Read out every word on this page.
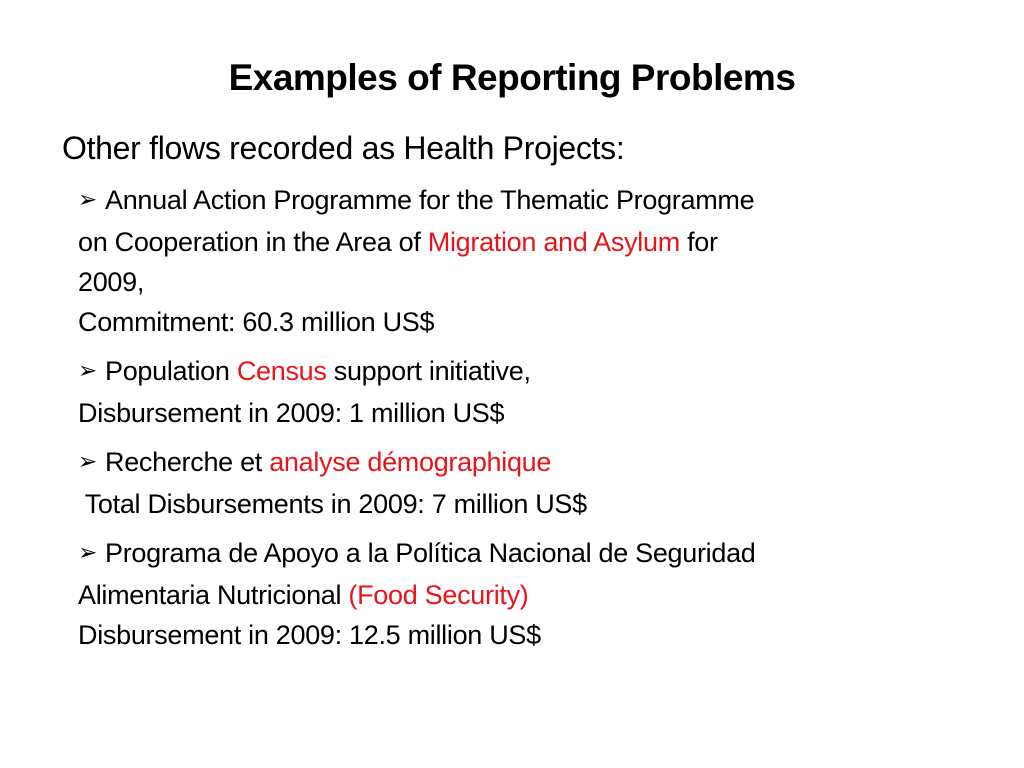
Examples of Reporting Problems
Other flows recorded as Health Projects:
➢ Annual Action Programme for the Thematic Programme
on Cooperation in the Area of Migration and Asylum for
2009,
Commitment: 60.3 million US$
➢ Population Census support initiative,
Disbursement in 2009: 1 million US$
➢ Recherche et analyse démographique
Total Disbursements in 2009: 7 million US$
➢ Programa de Apoyo a la Política Nacional de Seguridad
Alimentaria Nutricional (Food Security)
Disbursement in 2009: 12.5 million US$
